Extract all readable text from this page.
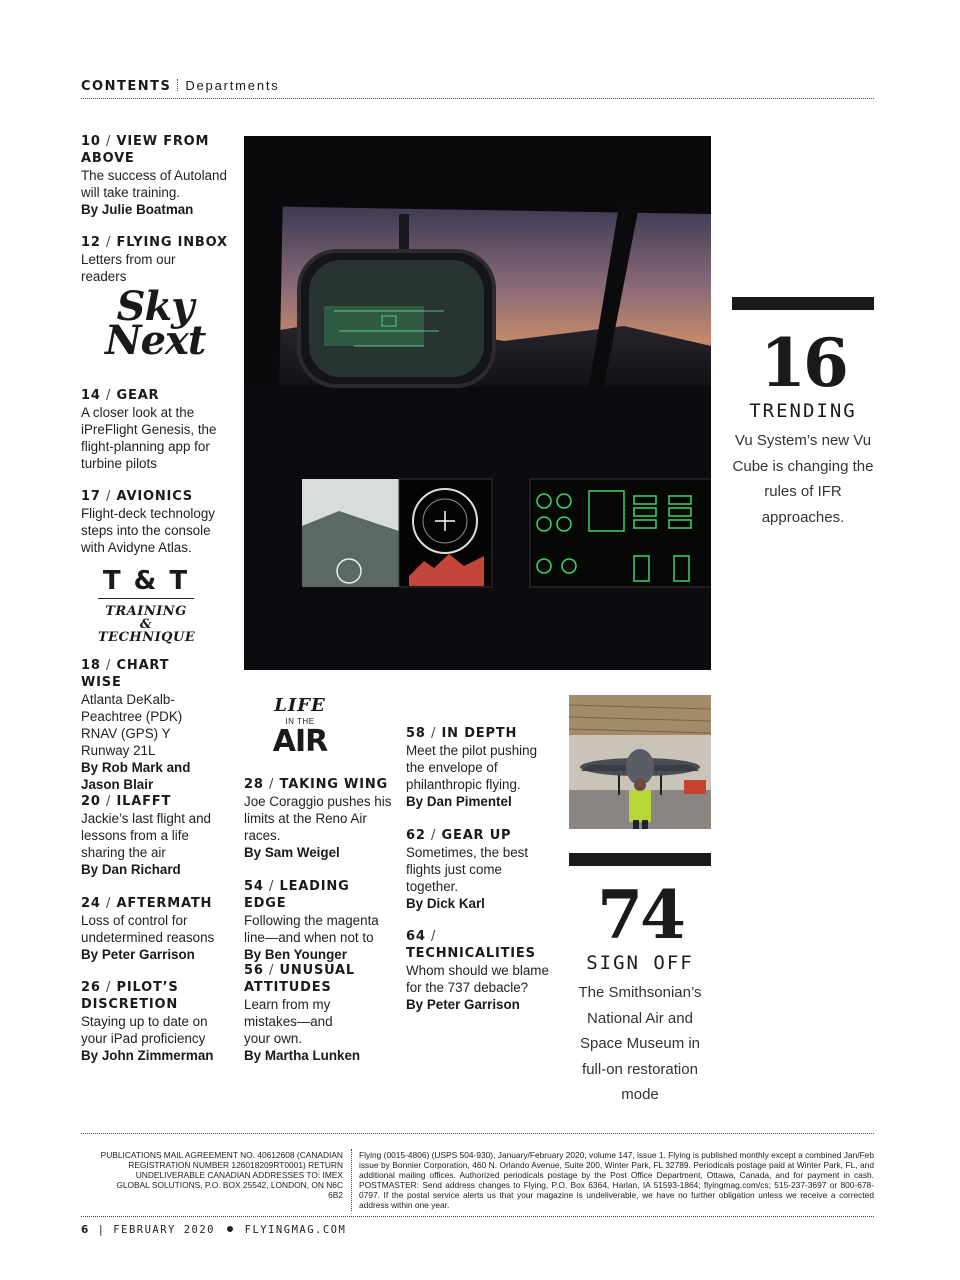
CONTENTS Departments
10 / VIEW FROM ABOVE
The success of Autoland will take training.
By Julie Boatman
12 / FLYING INBOX
Letters from our readers
Sky Next
14 / GEAR
A closer look at the iPreFlight Genesis, the flight-planning app for turbine pilots
17 / AVIONICS
Flight-deck technology steps into the console with Avidyne Atlas.
T & T
TRAINING & TECHNIQUE
18 / CHART WISE
Atlanta DeKalb-Peachtree (PDK) RNAV (GPS) Y Runway 21L
By Rob Mark and Jason Blair
20 / ILAFFT
Jackie’s last flight and lessons from a life sharing the air
By Dan Richard
24 / AFTERMATH
Loss of control for undetermined reasons
By Peter Garrison
26 / PILOT’S DISCRETION
Staying up to date on your iPad proficiency
By John Zimmerman
16
TRENDING
Vu System’s new Vu Cube is changing the rules of IFR approaches.
LIFE
IN THE
AIR
28 / TAKING WING
Joe Coraggio pushes his limits at the Reno Air races.
By Sam Weigel
54 / LEADING EDGE
Following the magenta line—and when not to
By Ben Younger
56 / UNUSUAL ATTITUDES
Learn from my mistakes—and your own.
By Martha Lunken
58 / IN DEPTH
Meet the pilot pushing the envelope of philanthropic flying.
By Dan Pimentel
62 / GEAR UP
Sometimes, the best flights just come together.
By Dick Karl
64 / TECHNICALITIES
Whom should we blame for the 737 debacle?
By Peter Garrison
74
SIGN OFF
The Smithsonian’s National Air and Space Museum in full-on restoration mode
PUBLICATIONS MAIL AGREEMENT NO. 40612608 (CANADIAN REGISTRATION NUMBER 126018209RT0001) RETURN UNDELIVERABLE CANADIAN ADDRESSES TO: IMEX GLOBAL SOLUTIONS, P.O. BOX 25542, LONDON, ON N6C 6B2
Flying (0015-4806) (USPS 504-930), January/February 2020, volume 147, issue 1. Flying is published monthly except a combined Jan/Feb issue by Bonnier Corporation, 460 N. Orlando Avenue, Suite 200, Winter Park, FL 32789. Periodicals postage paid at Winter Park, FL, and additional mailing offices. Authorized periodicals postage by the Post Office Department, Ottawa, Canada, and for payment in cash. POSTMASTER: Send address changes to Flying, P.O. Box 6364, Harlan, IA 51593-1864; flyingmag.com/cs; 515-237-3697 or 800-678-0797. If the postal service alerts us that your magazine is undeliverable, we have no further obligation unless we receive a corrected address within one year.
6 | FEBRUARY 2020	FLYINGMAG.COM
